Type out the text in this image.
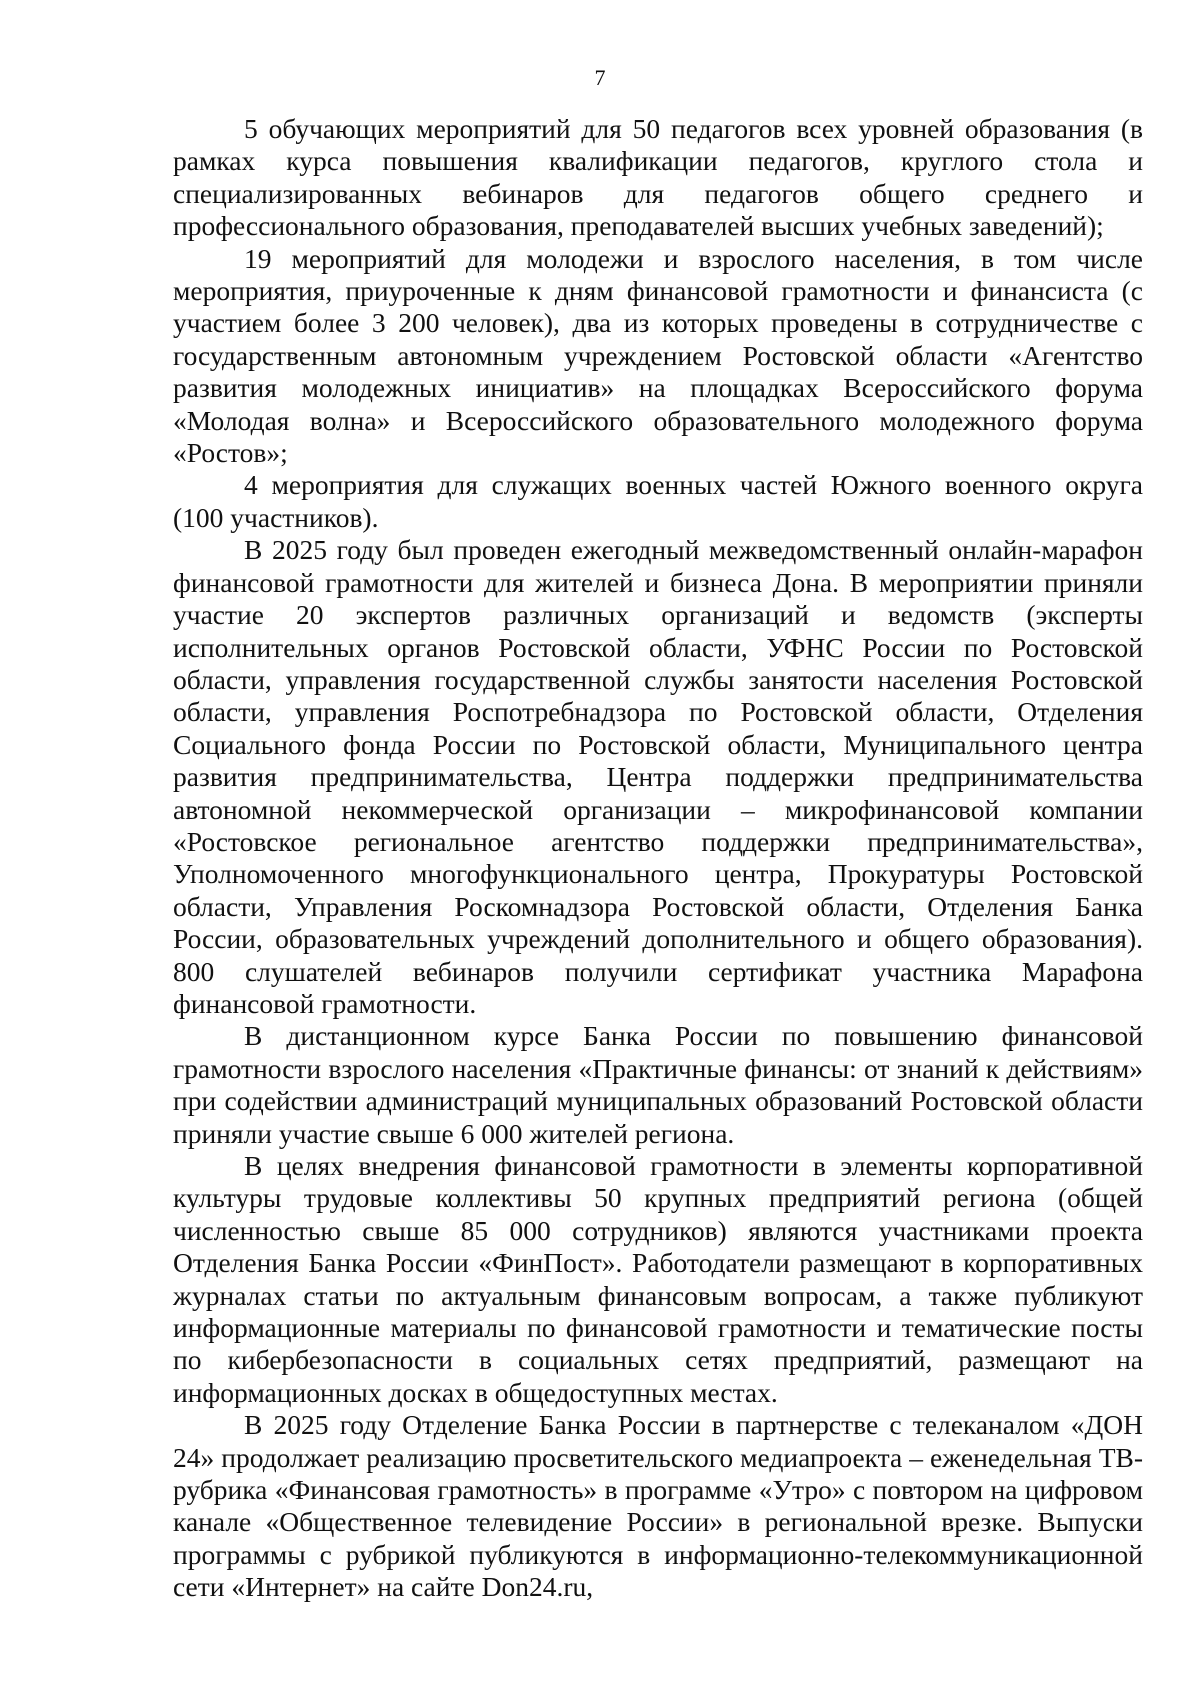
7

5 обучающих мероприятий для 50 педагогов всех уровней образования (в рамках курса повышения квалификации педагогов, круглого стола и специализированных вебинаров для педагогов общего среднего и профессионального образования, преподавателей высших учебных заведений);

19 мероприятий для молодежи и взрослого населения, в том числе мероприятия, приуроченные к дням финансовой грамотности и финансиста (с участием более 3 200 человек), два из которых проведены в сотрудничестве с государственным автономным учреждением Ростовской области «Агентство развития молодежных инициатив» на площадках Всероссийского форума «Молодая волна» и Всероссийского образовательного молодежного форума «Ростов»;

4 мероприятия для служащих военных частей Южного военного округа (100 участников).

В 2025 году был проведен ежегодный межведомственный онлайн-марафон финансовой грамотности для жителей и бизнеса Дона. В мероприятии приняли участие 20 экспертов различных организаций и ведомств (эксперты исполнительных органов Ростовской области, УФНС России по Ростовской области, управления государственной службы занятости населения Ростовской области, управления Роспотребнадзора по Ростовской области, Отделения Социального фонда России по Ростовской области, Муниципального центра развития предпринимательства, Центра поддержки предпринимательства автономной некоммерческой организации – микрофинансовой компании «Ростовское региональное агентство поддержки предпринимательства», Уполномоченного многофункционального центра, Прокуратуры Ростовской области, Управления Роскомнадзора Ростовской области, Отделения Банка России, образовательных учреждений дополнительного и общего образования). 800 слушателей вебинаров получили сертификат участника Марафона финансовой грамотности.

В дистанционном курсе Банка России по повышению финансовой грамотности взрослого населения «Практичные финансы: от знаний к действиям» при содействии администраций муниципальных образований Ростовской области приняли участие свыше 6 000 жителей региона.

В целях внедрения финансовой грамотности в элементы корпоративной культуры трудовые коллективы 50 крупных предприятий региона (общей численностью свыше 85 000 сотрудников) являются участниками проекта Отделения Банка России «ФинПост». Работодатели размещают в корпоративных журналах статьи по актуальным финансовым вопросам, а также публикуют информационные материалы по финансовой грамотности и тематические посты по кибербезопасности в социальных сетях предприятий, размещают на информационных досках в общедоступных местах.

В 2025 году Отделение Банка России в партнерстве с телеканалом «ДОН 24» продолжает реализацию просветительского медиапроекта – еженедельная ТВ-рубрика «Финансовая грамотность» в программе «Утро» с повтором на цифровом канале «Общественное телевидение России» в региональной врезке. Выпуски программы с рубрикой публикуются в информационно-телекоммуникационной сети «Интернет» на сайте Don24.ru,
